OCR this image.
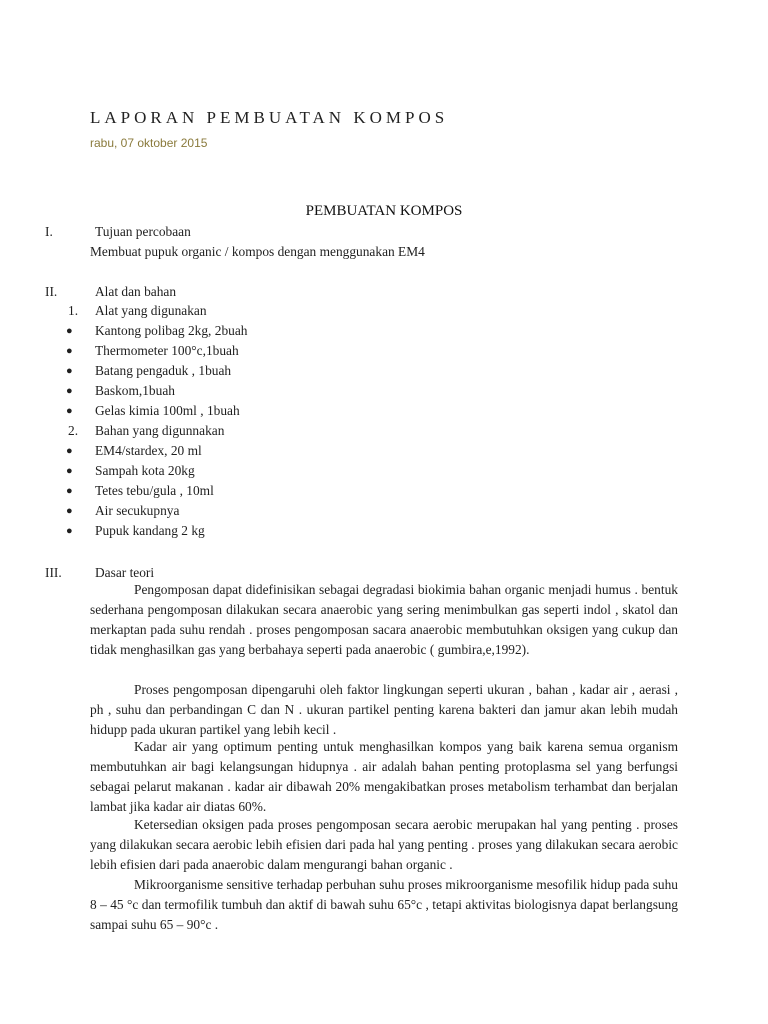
LAPORAN PEMBUATAN KOMPOS
rabu, 07 oktober 2015
PEMBUATAN KOMPOS
I.	Tujuan percobaan
Membuat pupuk organic / kompos dengan menggunakan EM4
II.	Alat dan bahan
1. Alat yang digunakan
● Kantong polibag 2kg, 2buah
● Thermometer 100°c,1buah
● Batang pengaduk , 1buah
● Baskom,1buah
● Gelas kimia 100ml , 1buah
2. Bahan yang digunnakan
● EM4/stardex, 20 ml
● Sampah kota 20kg
● Tetes tebu/gula , 10ml
● Air secukupnya
● Pupuk kandang 2 kg
III. Dasar teori

Pengomposan dapat didefinisikan sebagai degradasi biokimia bahan organic menjadi humus . bentuk sederhana pengomposan dilakukan secara anaerobic yang sering menimbulkan gas seperti indol , skatol dan merkaptan pada suhu rendah . proses pengomposan sacara anaerobic membutuhkan oksigen yang cukup dan tidak menghasilkan gas yang berbahaya seperti pada anaerobic ( gumbira,e,1992).

Proses pengomposan dipengaruhi oleh faktor lingkungan seperti ukuran , bahan , kadar air , aerasi , ph , suhu dan perbandingan C dan N . ukuran partikel penting karena bakteri dan jamur akan lebih mudah hidupp pada ukuran partikel yang lebih kecil .

Kadar air yang optimum penting untuk menghasilkan kompos yang baik karena semua organism membutuhkan air bagi kelangsungan hidupnya . air adalah bahan penting protoplasma sel yang berfungsi sebagai pelarut makanan . kadar air dibawah 20% mengakibatkan proses metabolism terhambat dan berjalan lambat jika kadar air diatas 60%.

Ketersedian oksigen pada proses pengomposan secara aerobic merupakan hal yang penting . proses yang dilakukan secara aerobic lebih efisien dari pada hal yang penting . proses yang dilakukan secara aerobic lebih efisien dari pada anaerobic dalam mengurangi bahan organic .

Mikroorganisme sensitive terhadap perbuhan suhu proses mikroorganisme mesofilik hidup pada suhu 8 – 45 °c dan termofilik tumbuh dan aktif di bawah suhu 65°c , tetapi aktivitas biologisnya dapat berlangsung sampai suhu 65 – 90°c .
